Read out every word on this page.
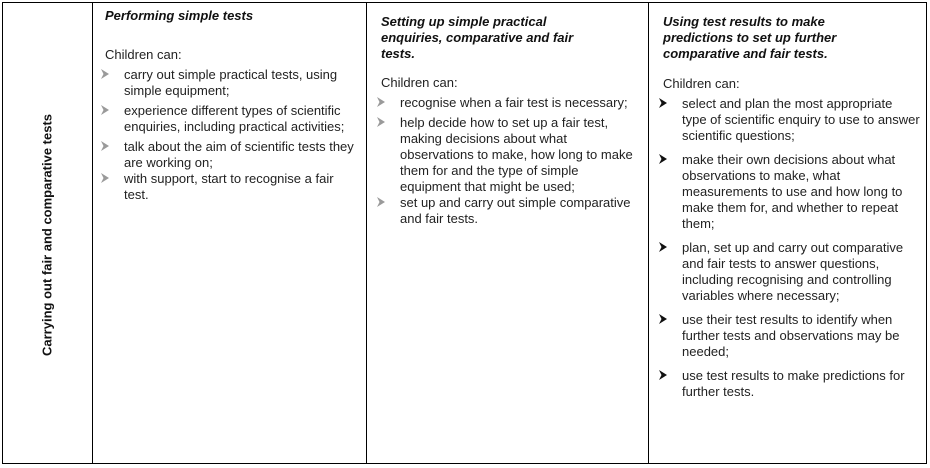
Carrying out fair and comparative tests
Performing simple tests

Children can:

carry out simple practical tests, using simple equipment;
experience different types of scientific enquiries, including practical activities;
talk about the aim of scientific tests they are working on;
with support, start to recognise a fair test.
Setting up simple practical enquiries, comparative and fair tests.

Children can:

recognise when a fair test is necessary;
help decide how to set up a fair test, making decisions about what observations to make, how long to make them for and the type of simple equipment that might be used;
set up and carry out simple comparative and fair tests.
Using test results to make predictions to set up further comparative and fair tests.

Children can:

select and plan the most appropriate type of scientific enquiry to use to answer scientific questions;
make their own decisions about what observations to make, what measurements to use and how long to make them for, and whether to repeat them;
plan, set up and carry out comparative and fair tests to answer questions, including recognising and controlling variables where necessary;
use their test results to identify when further tests and observations may be needed;
use test results to make predictions for further tests.
